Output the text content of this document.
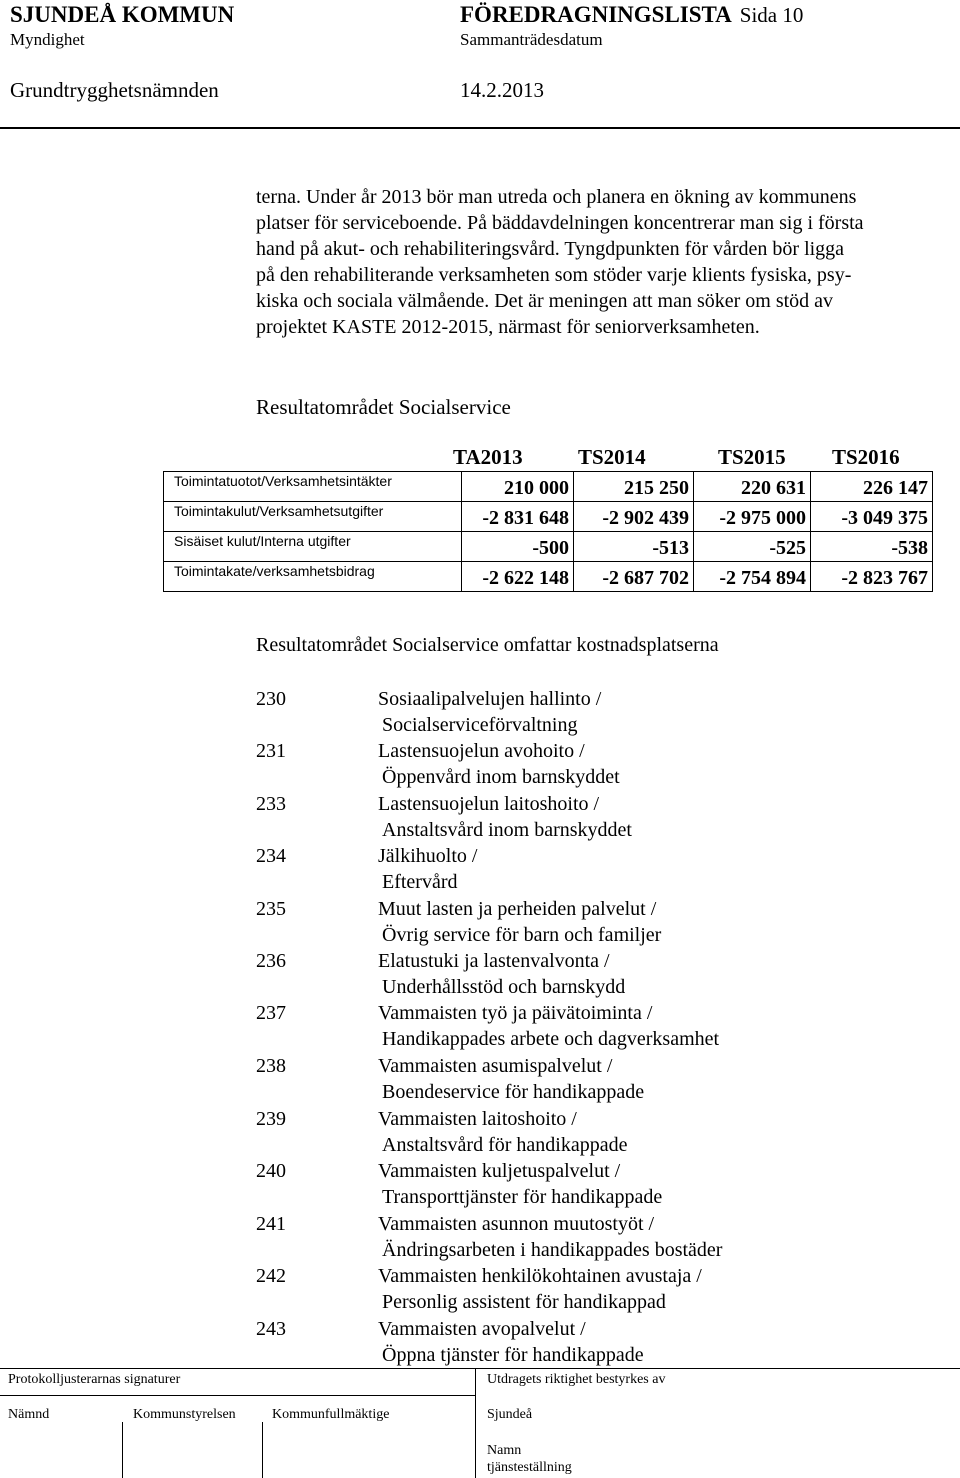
SJUNDEÅ KOMMUN	FÖREDRAGNINGSLISTA Sida 10
Myndighet	Sammanträdesdatum
Grundtrygghetsnämnden	14.2.2013
terna. Under år 2013 bör man utreda och planera en ökning av kommunens
platser för serviceboende. På bäddavdelningen koncentrerar man sig i första
hand på akut- och rehabiliteringsvård. Tyngdpunkten för vården bör ligga
på den rehabiliterande verksamheten som stöder varje klients fysiska, psy-
kiska och sociala välmående. Det är meningen att man söker om stöd av
projektet KASTE 2012-2015, närmast för seniorverksamheten.
Resultatområdet Socialservice
TA2013	TS2014	TS2015 TS2016
Toimintatuotot/Verksamhetsintäkter	210 000	215 250	220 631	226 147
Toimintakulut/Verksamhetsutgifter	-2 831 648	-2 902 439	-2 975 000	-3 049 375
Sisäiset kulut/Interna utgifter	-500	-513	-525	-538
Toimintakate/verksamhetsbidrag	-2 622 148	-2 687 702	-2 754 894	-2 823 767
Resultatområdet Socialservice omfattar kostnadsplatserna
230	Sosiaalipalvelujen hallinto /
Socialserviceförvaltning
231	Lastensuojelun avohoito /
Öppenvård inom barnskyddet
233	Lastensuojelun laitoshoito /
Anstaltsvård inom barnskyddet
234	Jälkihuolto /
Eftervård
235	Muut lasten ja perheiden palvelut /
Övrig service för barn och familjer
236	Elatustuki ja lastenvalvonta /
Underhållsstöd och barnskydd
237	Vammaisten työ ja päivätoiminta /
Handikappades arbete och dagverksamhet
238	Vammaisten asumispalvelut /
Boendeservice för handikappade
239	Vammaisten laitoshoito /
Anstaltsvård för handikappade
240	Vammaisten kuljetuspalvelut /
Transporttjänster för handikappade
241	Vammaisten asunnon muutostyöt /
Ändringsarbeten i handikappades bostäder
242	Vammaisten henkilökohtainen avustaja /
Personlig assistent för handikappad
243	Vammaisten avopalvelut /
Öppna tjänster för handikappade
Protokolljusterarnas signaturer	Utdragets riktighet bestyrkes av
Nämnd	Kommunstyrelsen	Kommunfullmäktige	Sjundeå
Namn
tjänsteställning
